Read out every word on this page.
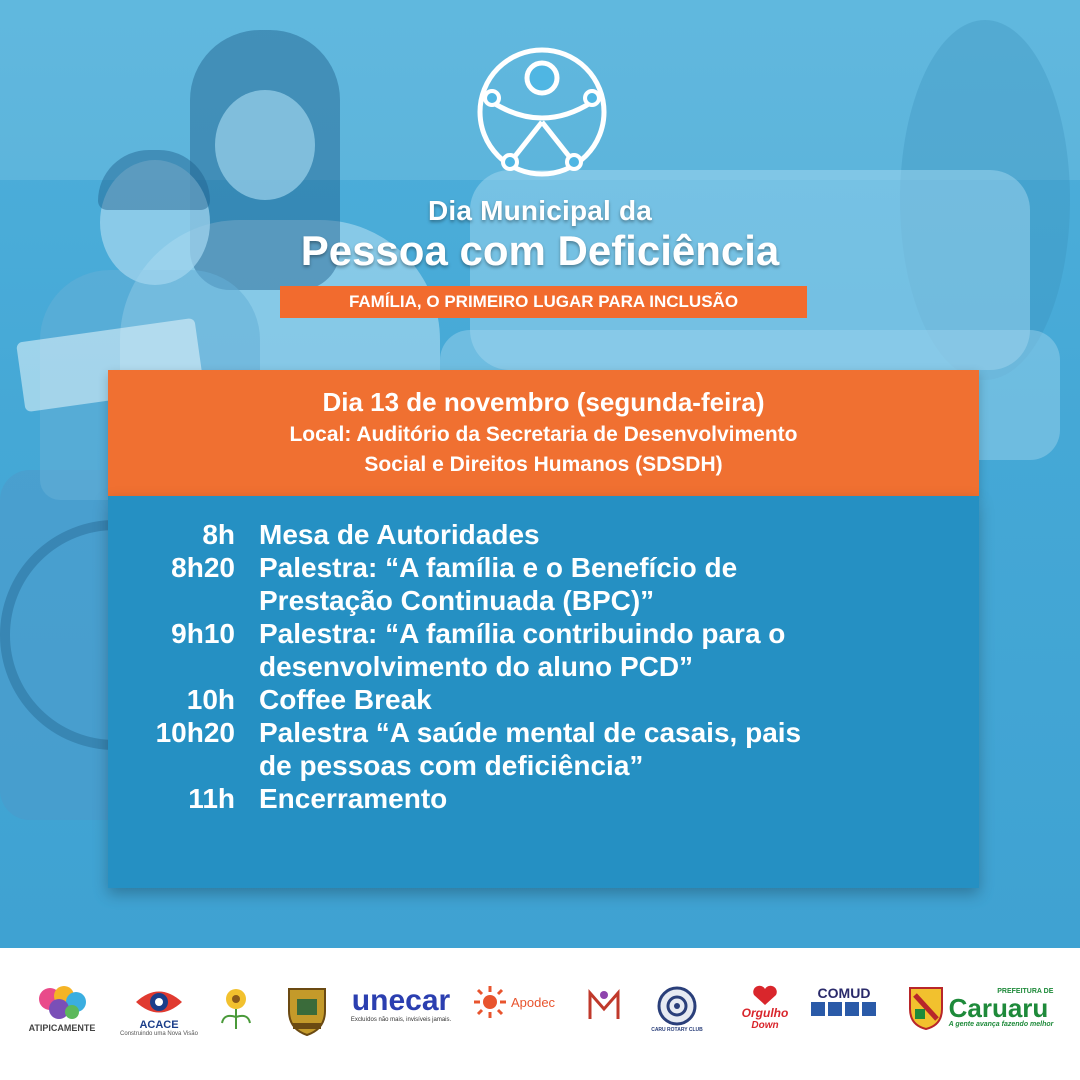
Dia Municipal da
Pessoa com Deficiência
FAMÍLIA, O PRIMEIRO LUGAR PARA INCLUSÃO
Dia 13 de novembro (segunda-feira)
Local: Auditório da Secretaria de Desenvolvimento
Social e Direitos Humanos (SDSDH)
8h Mesa de Autoridades
8h20 Palestra: “A família e o Benefício de
Prestação Continuada (BPC)”
9h10 Palestra: “A família contribuindo para o
desenvolvimento do aluno PCD”
10h Coffee Break
10h20 Palestra “A saúde mental de casais, pais
de pessoas com deficiência”
11h Encerramento
ATIPICAMENTE	ACACE
Construindo uma Nova Visão
unecar
Excluídos não mais, invisíveis jamais.
Apodec
CARU ROTARY CLUB
Orgulho
Down
COMUD	PREFEITURA DE
Caruaru
A gente avança fazendo melhor
